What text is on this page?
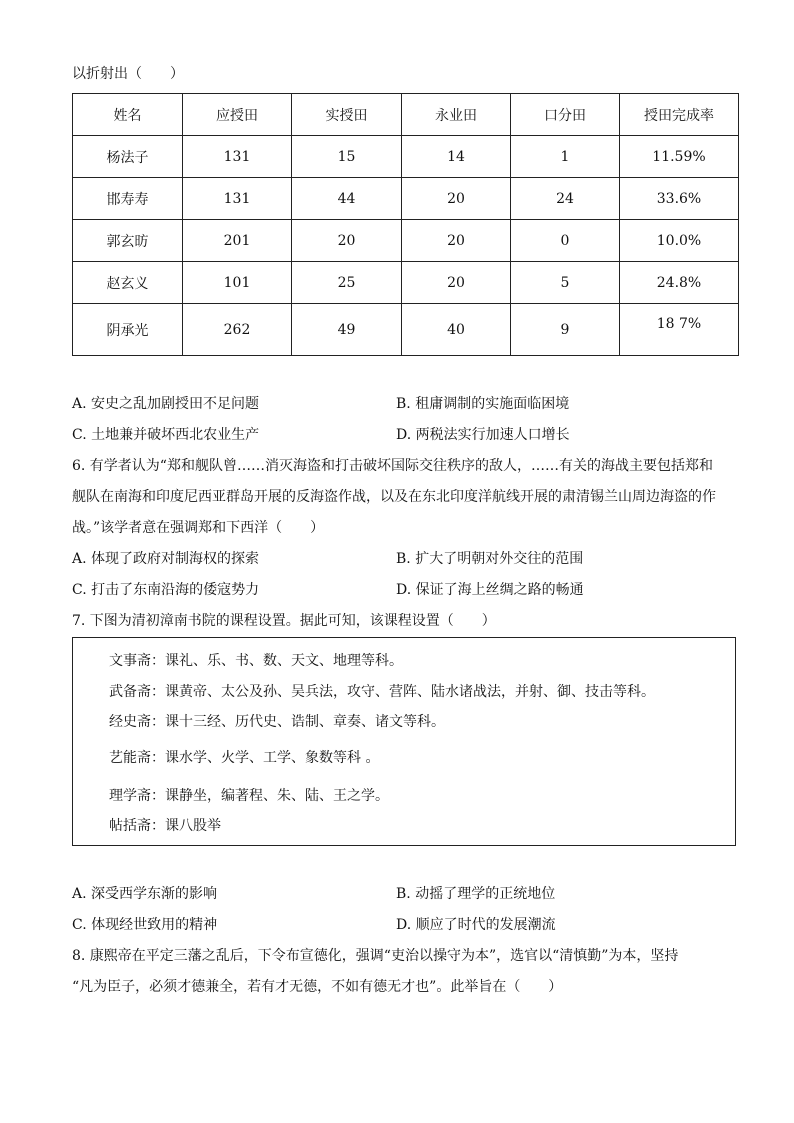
以折射出（　　）
姓名	应授田	实授田	永业田	口分田	授田完成率
杨法子	131	15	14	1	11.59%
邯寿寿	131	44	20	24	33.6%
郭玄昉	201	20	20	0	10.0%
赵玄义	101	25	20	5	24.8%
阴承光	262	49	40	9	18 7%
A. 安史之乱加剧授田不足问题	B. 租庸调制的实施面临困境
C. 土地兼并破坏西北农业生产	D. 两税法实行加速人口增长
6. 有学者认为“郑和舰队曾……消灭海盗和打击破坏国际交往秩序的敌人，……有关的海战主要包括郑和
舰队在南海和印度尼西亚群岛开展的反海盗作战，以及在东北印度洋航线开展的肃清锡兰山周边海盗的作
战。”该学者意在强调郑和下西洋（　　）
A. 体现了政府对制海权的探索	B. 扩大了明朝对外交往的范围
C. 打击了东南沿海的倭寇势力	D. 保证了海上丝绸之路的畅通
7. 下图为清初漳南书院的课程设置。据此可知，该课程设置（　　）
文事斋：课礼、乐、书、数、天文、地理等科。
武备斋：课黄帝、太公及孙、吴兵法，攻守、营阵、陆水诸战法，并射、御、技击等科。
经史斋：课十三经、历代史、诰制、章奏、诸文等科。
艺能斋：课水学、火学、工学、象数等科 。
理学斋：课静坐，编著程、朱、陆、王之学。
帖括斋：课八股举
A. 深受西学东渐的影响	B. 动摇了理学的正统地位
C. 体现经世致用的精神	D. 顺应了时代的发展潮流
8. 康熙帝在平定三藩之乱后，下令布宣德化，强调“吏治以操守为本”，选官以“清慎勤”为本，坚持
“凡为臣子，必须才德兼全，若有才无德，不如有德无才也”。此举旨在（　　）
